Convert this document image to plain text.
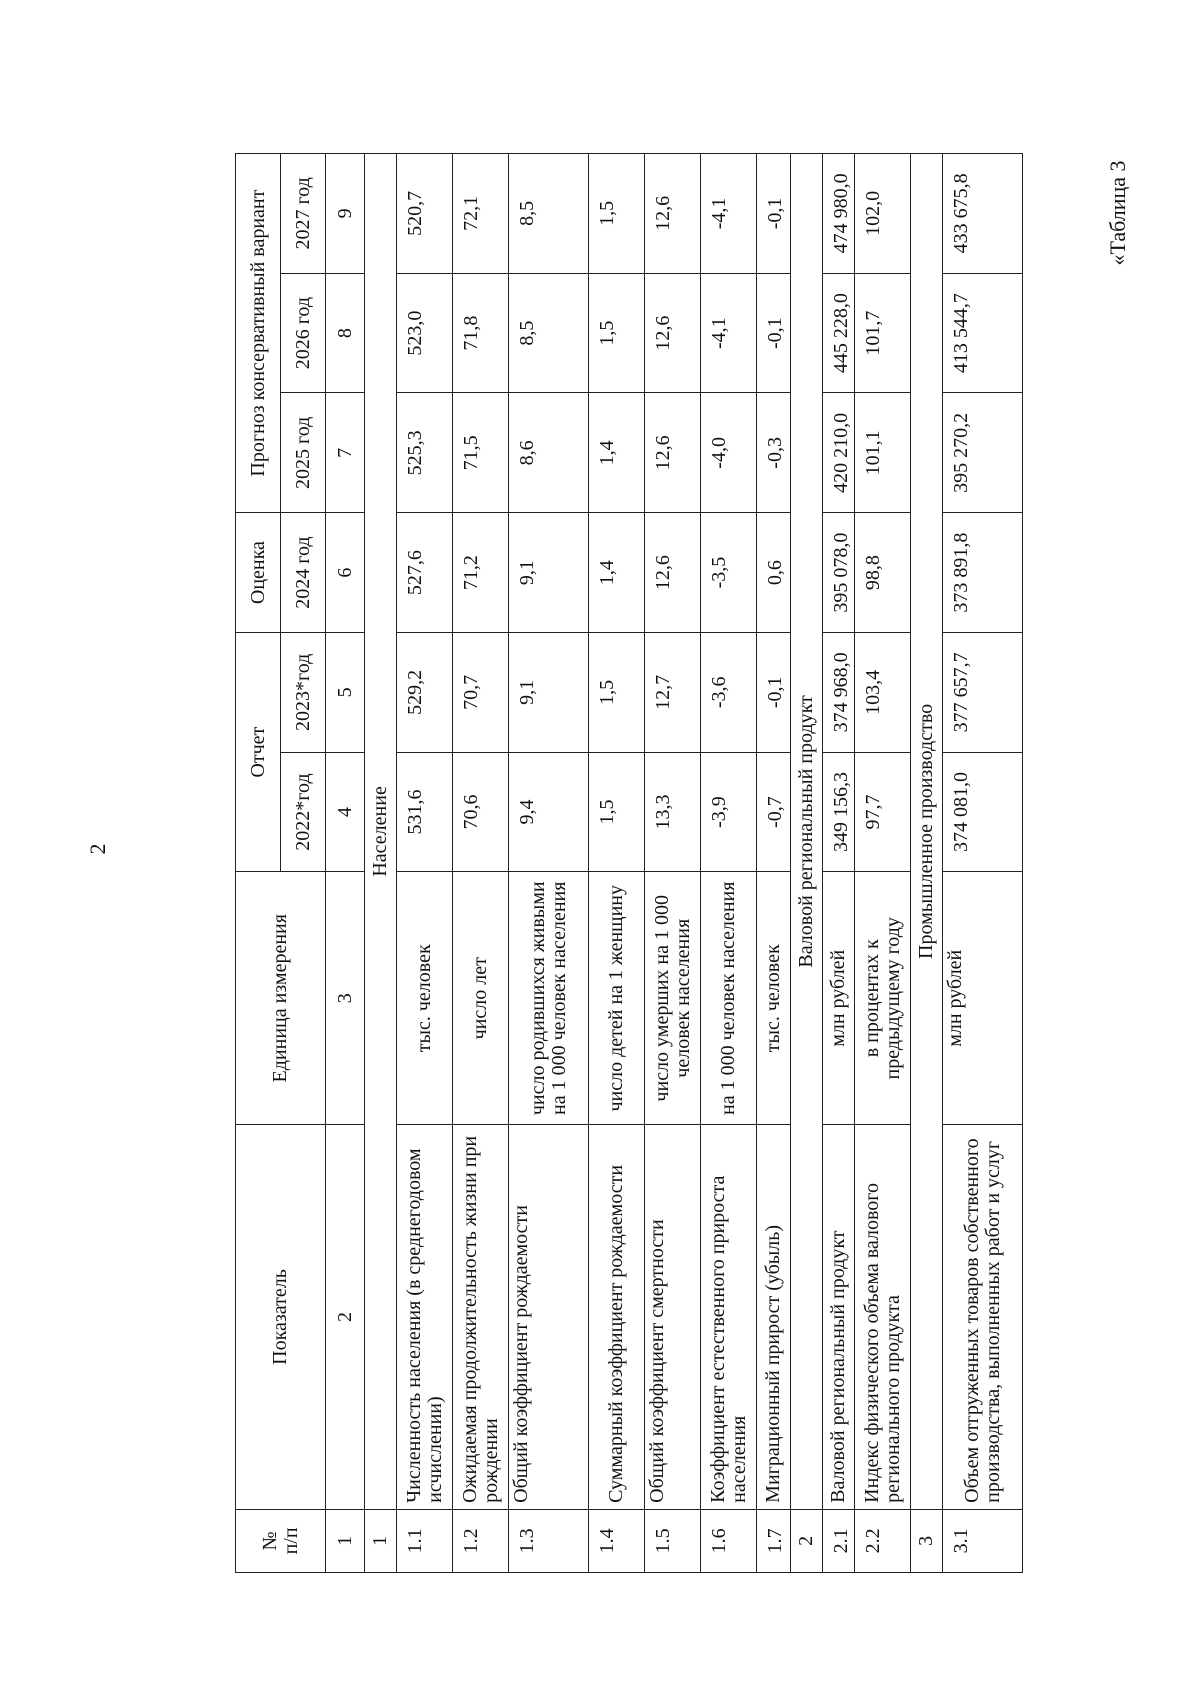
2
«Таблица 3
№
п/п	Показатель	Единица измерения	Отчет		Оценка	Прогноз консервативный вариант		
			2022*год	2023*год	2024 год	2025 год	2026 год	2027 год
1	2	3	4	5	6	7	8	9
1	Население							
1.1	Численность населения (в среднегодовом исчислении)	тыс. человек	531,6	529,2	527,6	525,3	523,0	520,7
1.2	Ожидаемая продолжительность жизни при рождении	число лет	70,6	70,7	71,2	71,5	71,8	72,1
1.3	Общий коэффициент рождаемости	число родившихся живыми на 1 000 человек населения	9,4	9,1	9,1	8,6	8,5	8,5
1.4	Суммарный коэффициент рождаемости	число детей на 1 женщину	1,5	1,5	1,4	1,4	1,5	1,5
1.5	Общий коэффициент смертности	число умерших на 1 000 человек населения	13,3	12,7	12,6	12,6	12,6	12,6
1.6	Коэффициент естественного прироста населения	на 1 000 человек населения	-3,9	-3,6	-3,5	-4,0	-4,1	-4,1
1.7	Миграционный прирост (убыль)	тыс. человек	-0,7	-0,1	0,6	-0,3	-0,1	-0,1
2	Валовой региональный продукт							
2.1	Валовой региональный продукт	млн рублей	349 156,3	374 968,0	395 078,0	420 210,0	445 228,0	474 980,0
2.2	Индекс физического объема валового регионального продукта	в процентах к предыдущему году	97,7	103,4	98,8	101,1	101,7	102,0
3	Промышленное производство							
3.1	Объем отгруженных товаров собственного производства, выполненных работ и услуг	млн рублей	374 081,0	377 657,7	373 891,8	395 270,2	413 544,7	433 675,8
